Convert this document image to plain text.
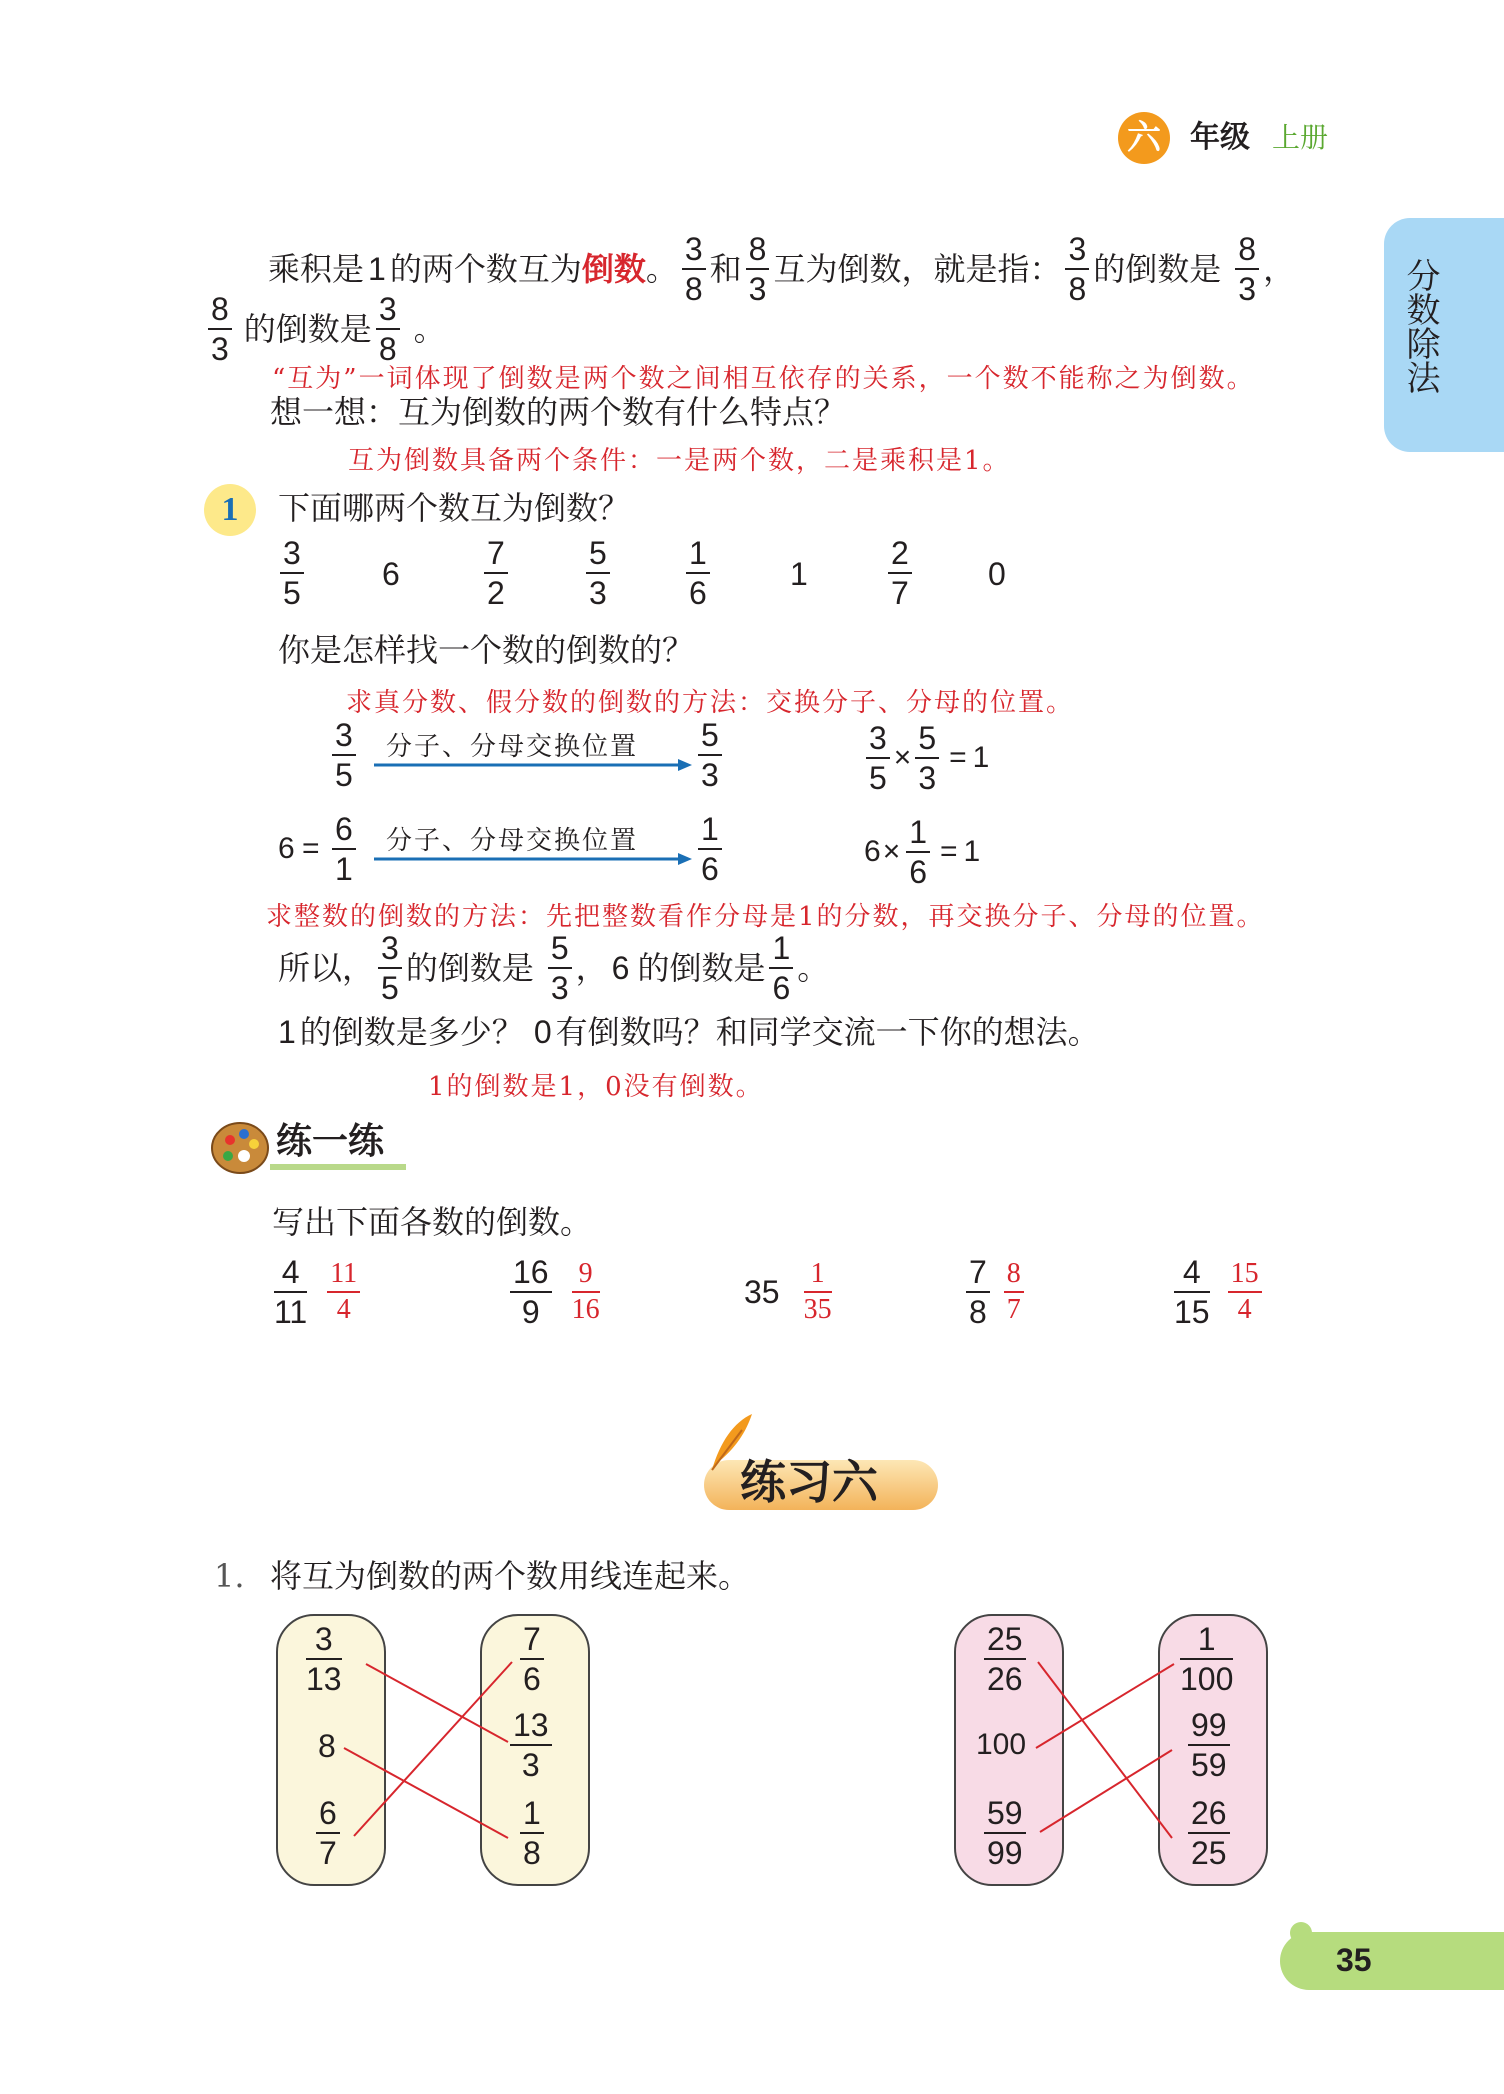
六 年级 上册
分数除法
乘积是 1 的两个数互为 倒数 。 $\frac{3}{8}$ 和 $\frac{8}{3}$ 互为倒数，就是指： $\frac{3}{8}$ 的倒数是 $\frac{8}{3}$ ，
$\frac{8}{3}$ 的倒数是 $\frac{3}{8}$ 。
“互为”一词体现了倒数是两个数之间相互依存的关系，一个数不能称之为倒数。
想一想：互为倒数的两个数有什么特点？
互为倒数具备两个条件：一是两个数，二是乘积是1。
1	下面哪两个数互为倒数？
3
5
6
7
2
5
3
1
6
1
2
7
0
你是怎样找一个数的倒数的？
求真分数、假分数的倒数的方法：交换分子、分母的位置。
3
5
分子、分母交换位置 5
3	$\frac{3}{5} \times \frac{5}{3} = 1$
6 =
6
1
分子、分母交换位置 1
6	$6 \times \frac{1}{6} = 1$
求整数的倒数的方法：先把整数看作分母是1的分数，再交换分子、分母的位置。
所以， $\frac{3}{5}$ 的倒数是 $\frac{5}{3}$ ， 6 的倒数是 $\frac{1}{6}$ 。
1 的倒数是多少？ 0 有倒数吗？和同学交流一下你的想法。
1的倒数是1，0没有倒数。
练一练
写出下面各数的倒数。
$\frac{4}{11} \frac{11}{4}$	$\frac{16}{9} \frac{9}{16}$	$35 \frac{1}{35}$	$\frac{7}{8} \frac{8}{7}$	$\frac{4}{15} \frac{15}{4}$
练习六
1. 将互为倒数的两个数用线连起来。
3
13
8
6
7
7
6
13
3
1
8
25
26
100
59
99
1
100
99
59
26
25
35
